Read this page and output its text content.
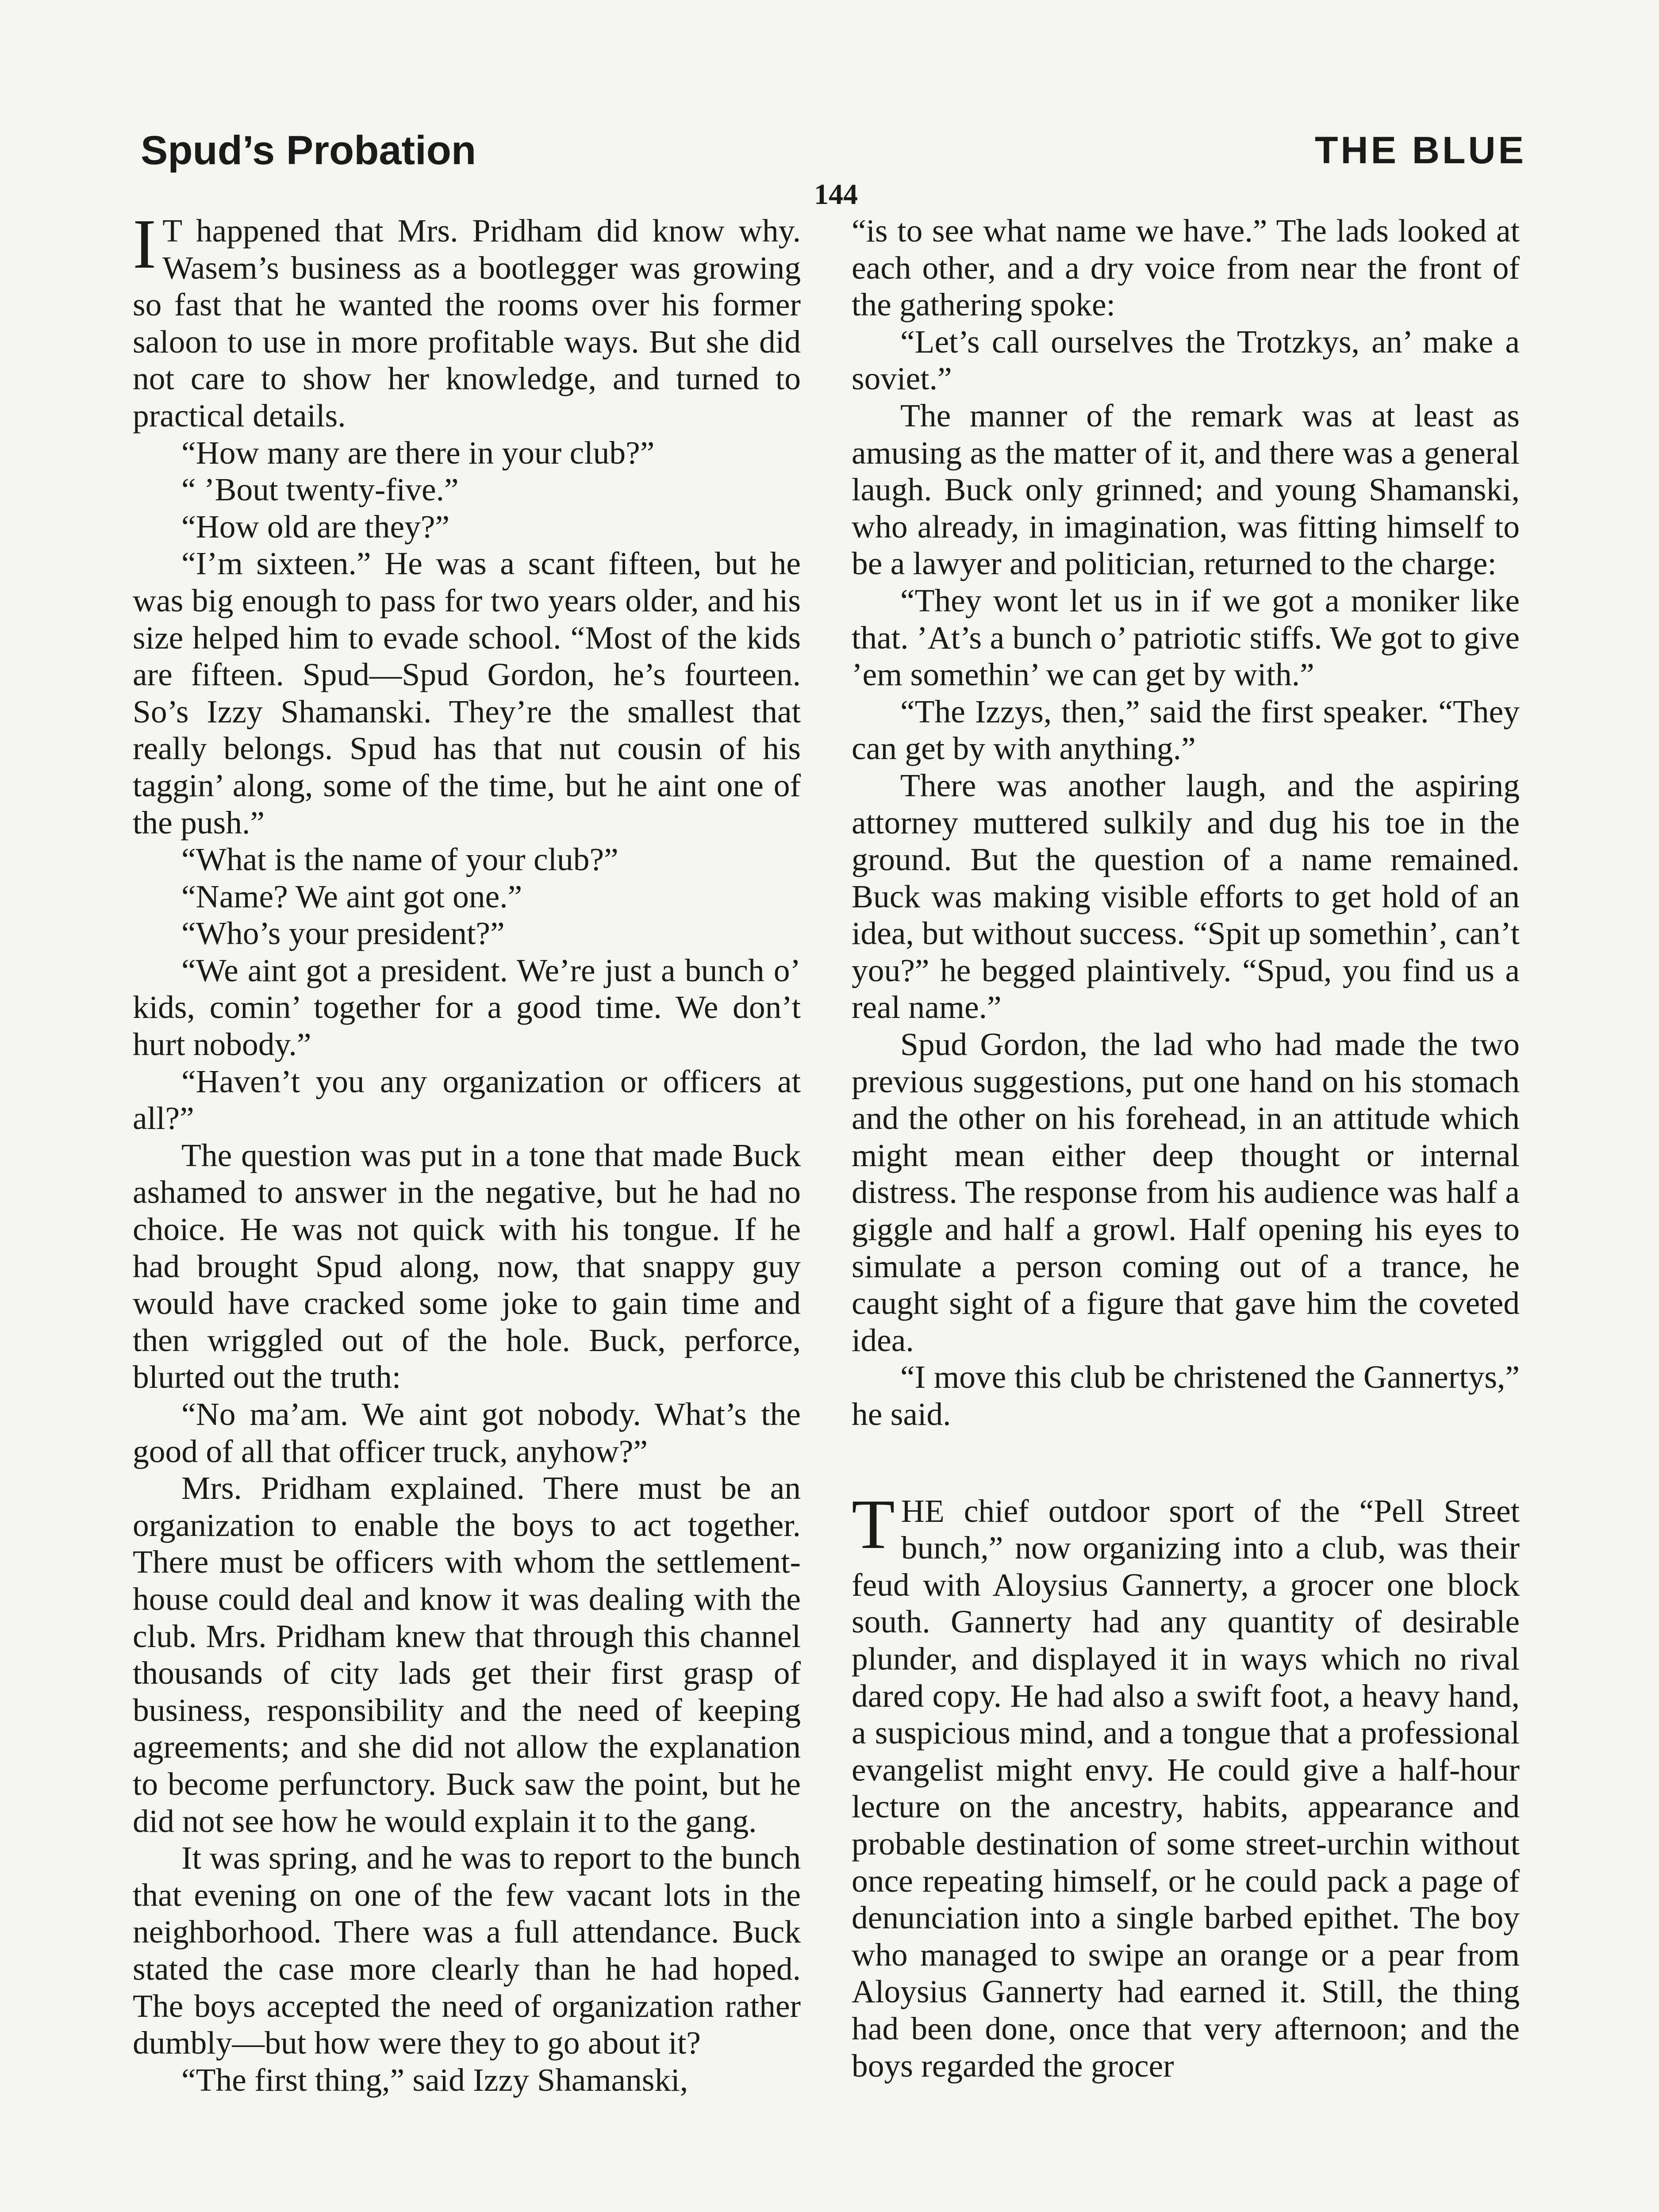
Spud’s Probation	THE BLUE
144

I T happened that Mrs. Pridham did know why. Wasem’s business as a bootlegger was growing so fast that he wanted the rooms over his former saloon to use in more profitable ways. But she did not care to show her knowledge, and turned to practical details.

“How many are there in your club?”

“ ’Bout twenty-five.”

“How old are they?”

“I’m sixteen.” He was a scant fifteen, but he was big enough to pass for two years older, and his size helped him to evade school. “Most of the kids are fifteen. Spud—Spud Gordon, he’s fourteen. So’s Izzy Shamanski. They’re the smallest that really belongs. Spud has that nut cousin of his taggin’ along, some of the time, but he aint one of the push.”

“What is the name of your club?”

“Name? We aint got one.”

“Who’s your president?”

“We aint got a president. We’re just a bunch o’ kids, comin’ together for a good time. We don’t hurt nobody.”

“Haven’t you any organization or officers at all?”

The question was put in a tone that made Buck ashamed to answer in the negative, but he had no choice. He was not quick with his tongue. If he had brought Spud along, now, that snappy guy would have cracked some joke to gain time and then wriggled out of the hole. Buck, perforce, blurted out the truth:

“No ma’am. We aint got nobody. What’s the good of all that officer truck, anyhow?”

Mrs. Pridham explained. There must be an organization to enable the boys to act together. There must be officers with whom the settlement-house could deal and know it was dealing with the club. Mrs. Pridham knew that through this channel thousands of city lads get their first grasp of business, responsibility and the need of keeping agreements; and she did not allow the explanation to become perfunctory. Buck saw the point, but he did not see how he would explain it to the gang.

It was spring, and he was to report to the bunch that evening on one of the few vacant lots in the neighborhood. There was a full attendance. Buck stated the case more clearly than he had hoped. The boys accepted the need of organization rather dumbly—but how were they to go about it?

“The first thing,” said Izzy Shamanski,

“is to see what name we have.” The lads looked at each other, and a dry voice from near the front of the gathering spoke:

“Let’s call ourselves the Trotzkys, an’ make a soviet.”

The manner of the remark was at least as amusing as the matter of it, and there was a general laugh. Buck only grinned; and young Shamanski, who already, in imagination, was fitting himself to be a lawyer and politician, returned to the charge:

“They wont let us in if we got a moniker like that. ’At’s a bunch o’ patriotic stiffs. We got to give ’em somethin’ we can get by with.”

“The Izzys, then,” said the first speaker. “They can get by with anything.”

There was another laugh, and the aspiring attorney muttered sulkily and dug his toe in the ground. But the question of a name remained. Buck was making visible efforts to get hold of an idea, but without success. “Spit up somethin’, can’t you?” he begged plaintively. “Spud, you find us a real name.”

Spud Gordon, the lad who had made the two previous suggestions, put one hand on his stomach and the other on his forehead, in an attitude which might mean either deep thought or internal distress. The response from his audience was half a giggle and half a growl. Half opening his eyes to simulate a person coming out of a trance, he caught sight of a figure that gave him the coveted idea.

“I move this club be christened the Gannertys,” he said.

THE chief outdoor sport of the “Pell Street bunch,” now organizing into a club, was their feud with Aloysius Gannerty, a grocer one block south. Gannerty had any quantity of desirable plunder, and displayed it in ways which no rival dared copy. He had also a swift foot, a heavy hand, a suspicious mind, and a tongue that a professional evangelist might envy. He could give a half-hour lecture on the ancestry, habits, appearance and probable destination of some street-urchin without once repeating himself, or he could pack a page of denunciation into a single barbed epithet. The boy who managed to swipe an orange or a pear from Aloysius Gannerty had earned it. Still, the thing had been done, once that very afternoon; and the boys regarded the grocer
